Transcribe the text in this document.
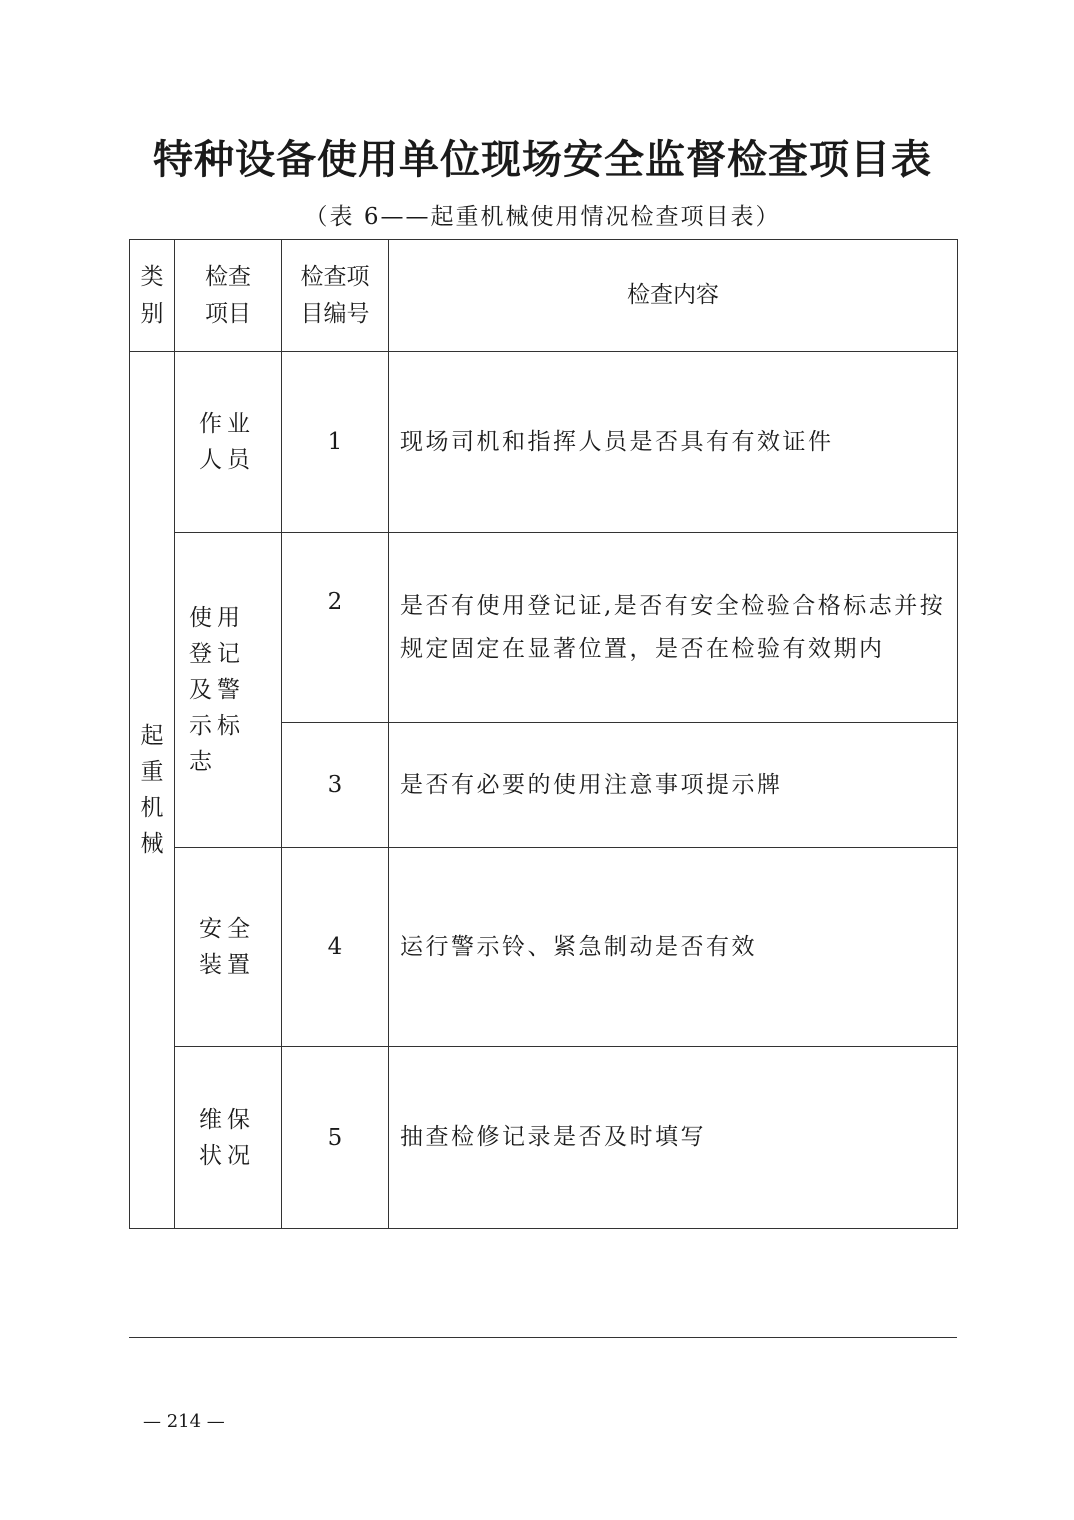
特种设备使用单位现场安全监督检查项目表

（表 6——起重机械使用情况检查项目表）

类别	检查项目	检查项目编号	检查内容
起重机械	作业人员	1	现场司机和指挥人员是否具有有效证件
	使用登记及警示标志	2	是否有使用登记证,是否有安全检验合格标志并按规定固定在显著位置，是否在检验有效期内
		3	是否有必要的使用注意事项提示牌
	安全装置	4	运行警示铃、紧急制动是否有效
	维保状况	5	抽查检修记录是否及时填写
— 214 —
